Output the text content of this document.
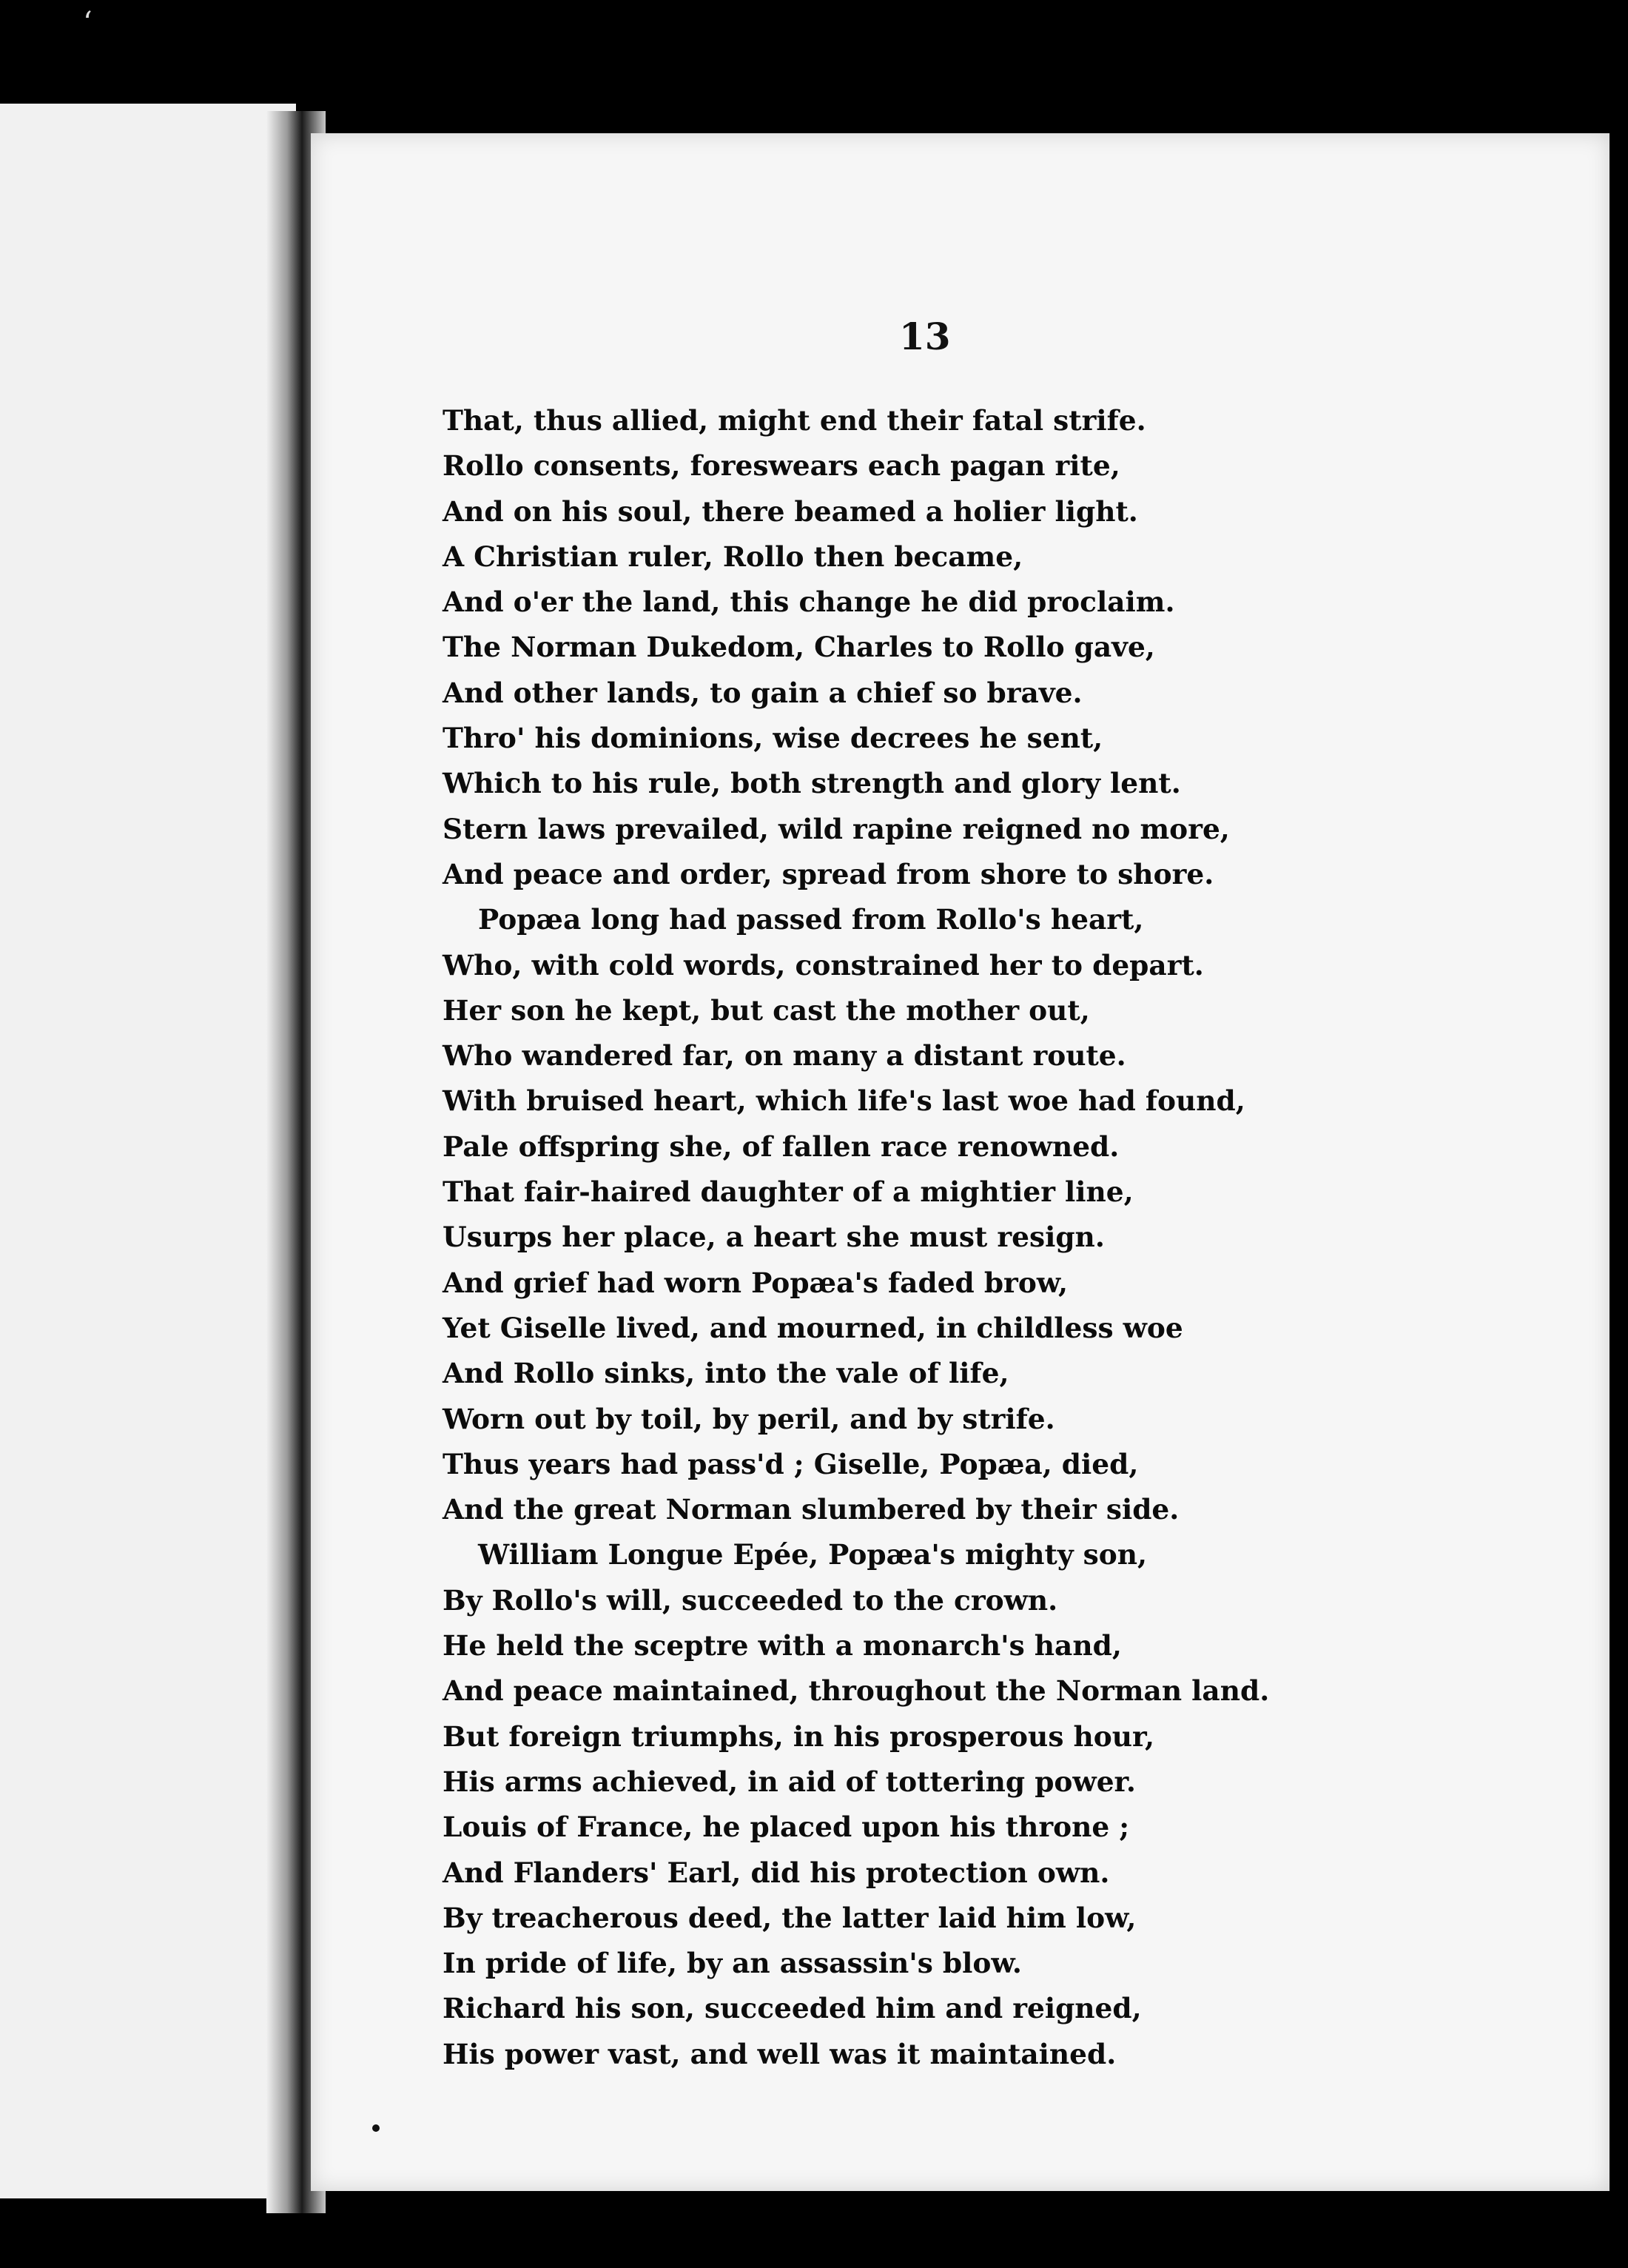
‘
13
That, thus allied, might end their fatal strife.
Rollo consents, foreswears each pagan rite,
And on his soul, there beamed a holier light.
A Christian ruler, Rollo then became,
And o'er the land, this change he did proclaim.
The Norman Dukedom, Charles to Rollo gave,
And other lands, to gain a chief so brave.
Thro' his dominions, wise decrees he sent,
Which to his rule, both strength and glory lent.
Stern laws prevailed, wild rapine reigned no more,
And peace and order, spread from shore to shore.
Popæa long had passed from Rollo's heart,
Who, with cold words, constrained her to depart.
Her son he kept, but cast the mother out,
Who wandered far, on many a distant route.
With bruised heart, which life's last woe had found,
Pale offspring she, of fallen race renowned.
That fair-haired daughter of a mightier line,
Usurps her place, a heart she must resign.
And grief had worn Popæa's faded brow,
Yet Giselle lived, and mourned, in childless woe
And Rollo sinks, into the vale of life,
Worn out by toil, by peril, and by strife.
Thus years had pass'd ; Giselle, Popæa, died,
And the great Norman slumbered by their side.
William Longue Epée, Popæa's mighty son,
By Rollo's will, succeeded to the crown.
He held the sceptre with a monarch's hand,
And peace maintained, throughout the Norman land.
But foreign triumphs, in his prosperous hour,
His arms achieved, in aid of tottering power.
Louis of France, he placed upon his throne ;
And Flanders' Earl, did his protection own.
By treacherous deed, the latter laid him low,
In pride of life, by an assassin's blow.
Richard his son, succeeded him and reigned,
His power vast, and well was it maintained.
